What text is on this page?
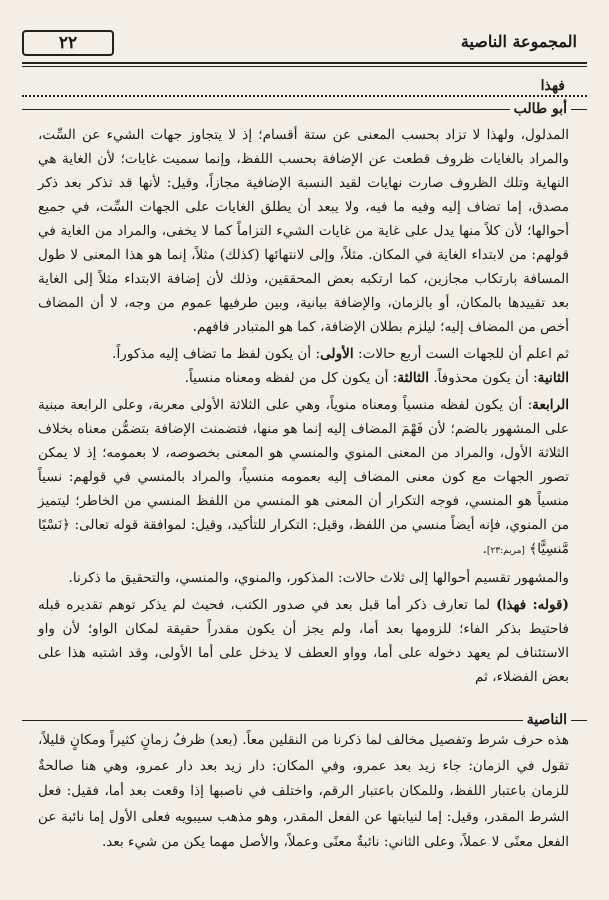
٢٢	المجموعة الناصية
فهذا
أبو طالب

المدلول، ولهذا لا تزاد بحسب المعنى عن ستة أقسام؛ إذ لا يتجاوز جهات الشيء عن السِّت، والمراد بالغايات ظروف قطعت عن الإضافة بحسب اللفظ، وإنما سميت غايات؛ لأن الغاية هي النهاية وتلك الظروف صارت نهايات لقيد النسبة الإضافية مجازاً، وقيل: لأنها قد تذكر بعد ذكر مصدق، إما تضاف إليه وفيه ما فيه، ولا يبعد أن يطلق الغايات على الجهات السِّت، في جميع أحوالها؛ لأن كلاً منها يدل على غاية من غايات الشيء التزاماً كما لا يخفى، والمراد من الغاية في قولهم: من لابتداء الغاية في المكان. مثلاً، وإلى لانتهائها (كذلك) مثلاً، إنما هو هذا المعنى لا طول المسافة بارتكاب مجازين، كما ارتكبه بعض المحققين، وذلك لأن إضافة الابتداء مثلاً إلى الغاية بعد تقييدها بالمكان، أو بالزمان، والإضافة بيانية، وبين طرفيها عموم من وجه، لا أن المضاف أخص من المضاف إليه؛ ليلزم بطلان الإضافة، كما هو المتبادر فافهم.

ثم اعلم أن للجهات الست أربع حالات: الأولى: أن يكون لفظ ما تضاف إليه مذكوراً.

الثانية: أن يكون محذوفاً. الثالثة: أن يكون كل من لفظه ومعناه منسياً.

الرابعة: أن يكون لفظه منسياً ومعناه منوياً، وهي على الثلاثة الأولى معربة، وعلى الرابعة مبنية على المشهور بالضم؛ لأن فَهْمَ المضاف إليه إنما هو منها، فتضمنت الإضافة بتضمُّن معناه بخلاف الثلاثة الأول، والمراد من المعنى المنوي والمنسي هو المعنى بخصوصه، لا بعمومه؛ إذ لا يمكن تصور الجهات مع كون معنى المضاف إليه بعمومه منسياً، والمراد بالمنسي في قولهم: نسياً منسياً هو المنسي، فوجه التكرار أن المعنى هو المنسي من اللفظ المنسي من الخاطر؛ ليتميز من المنوي، فإنه أيضاً منسي من اللفظ، وقيل: التكرار للتأكيد، وقيل: لموافقة قوله تعالى: ﴿نَسْيًا مَّنسِيًّا﴾ [مريم:٢٣].

والمشهور تقسيم أحوالها إلى ثلاث حالات: المذكور، والمنوي، والمنسي، والتحقيق ما ذكرنا.

(قوله: فهذا) لما تعارف ذكر أما قبل بعد في صدور الكتب، فحيث لم يذكر توهم تقديره قبله فاحتيط بذكر الفاء؛ للزومها بعد أما، ولم يجز أن يكون مقدراً حقيقة لمكان الواو؛ لأن واو الاستئناف لم يعهد دخوله على أما، وواو العطف لا يدخل على أما الأولى، وقد اشتبه هذا على بعض الفضلاء، ثم

الناصية

هذه حرف شرط وتفصيل مخالف لما ذكرنا من النقلين معاً. (بعد) ظرفُ زمانٍ كثيراً ومكانٍ قليلاً، تقول في الزمان: جاء زيد بعد عمرو، وفي المكان: دار زيد بعد دار عمرو، وهي هنا صالحةٌ للزمان باعتبار اللفظ، وللمكان باعتبار الرقم، واختلف في ناصبها إذا وقعت بعد أما، فقيل: فعل الشرط المقدر، وقيل: إما لنيابتها عن الفعل المقدر، وهو مذهب سيبويه فعلى الأول إما نائبة عن الفعل معنًى لا عملاً، وعلى الثاني: نائبةٌ معنًى وعملاً، والأصل مهما يكن من شيء بعد.
